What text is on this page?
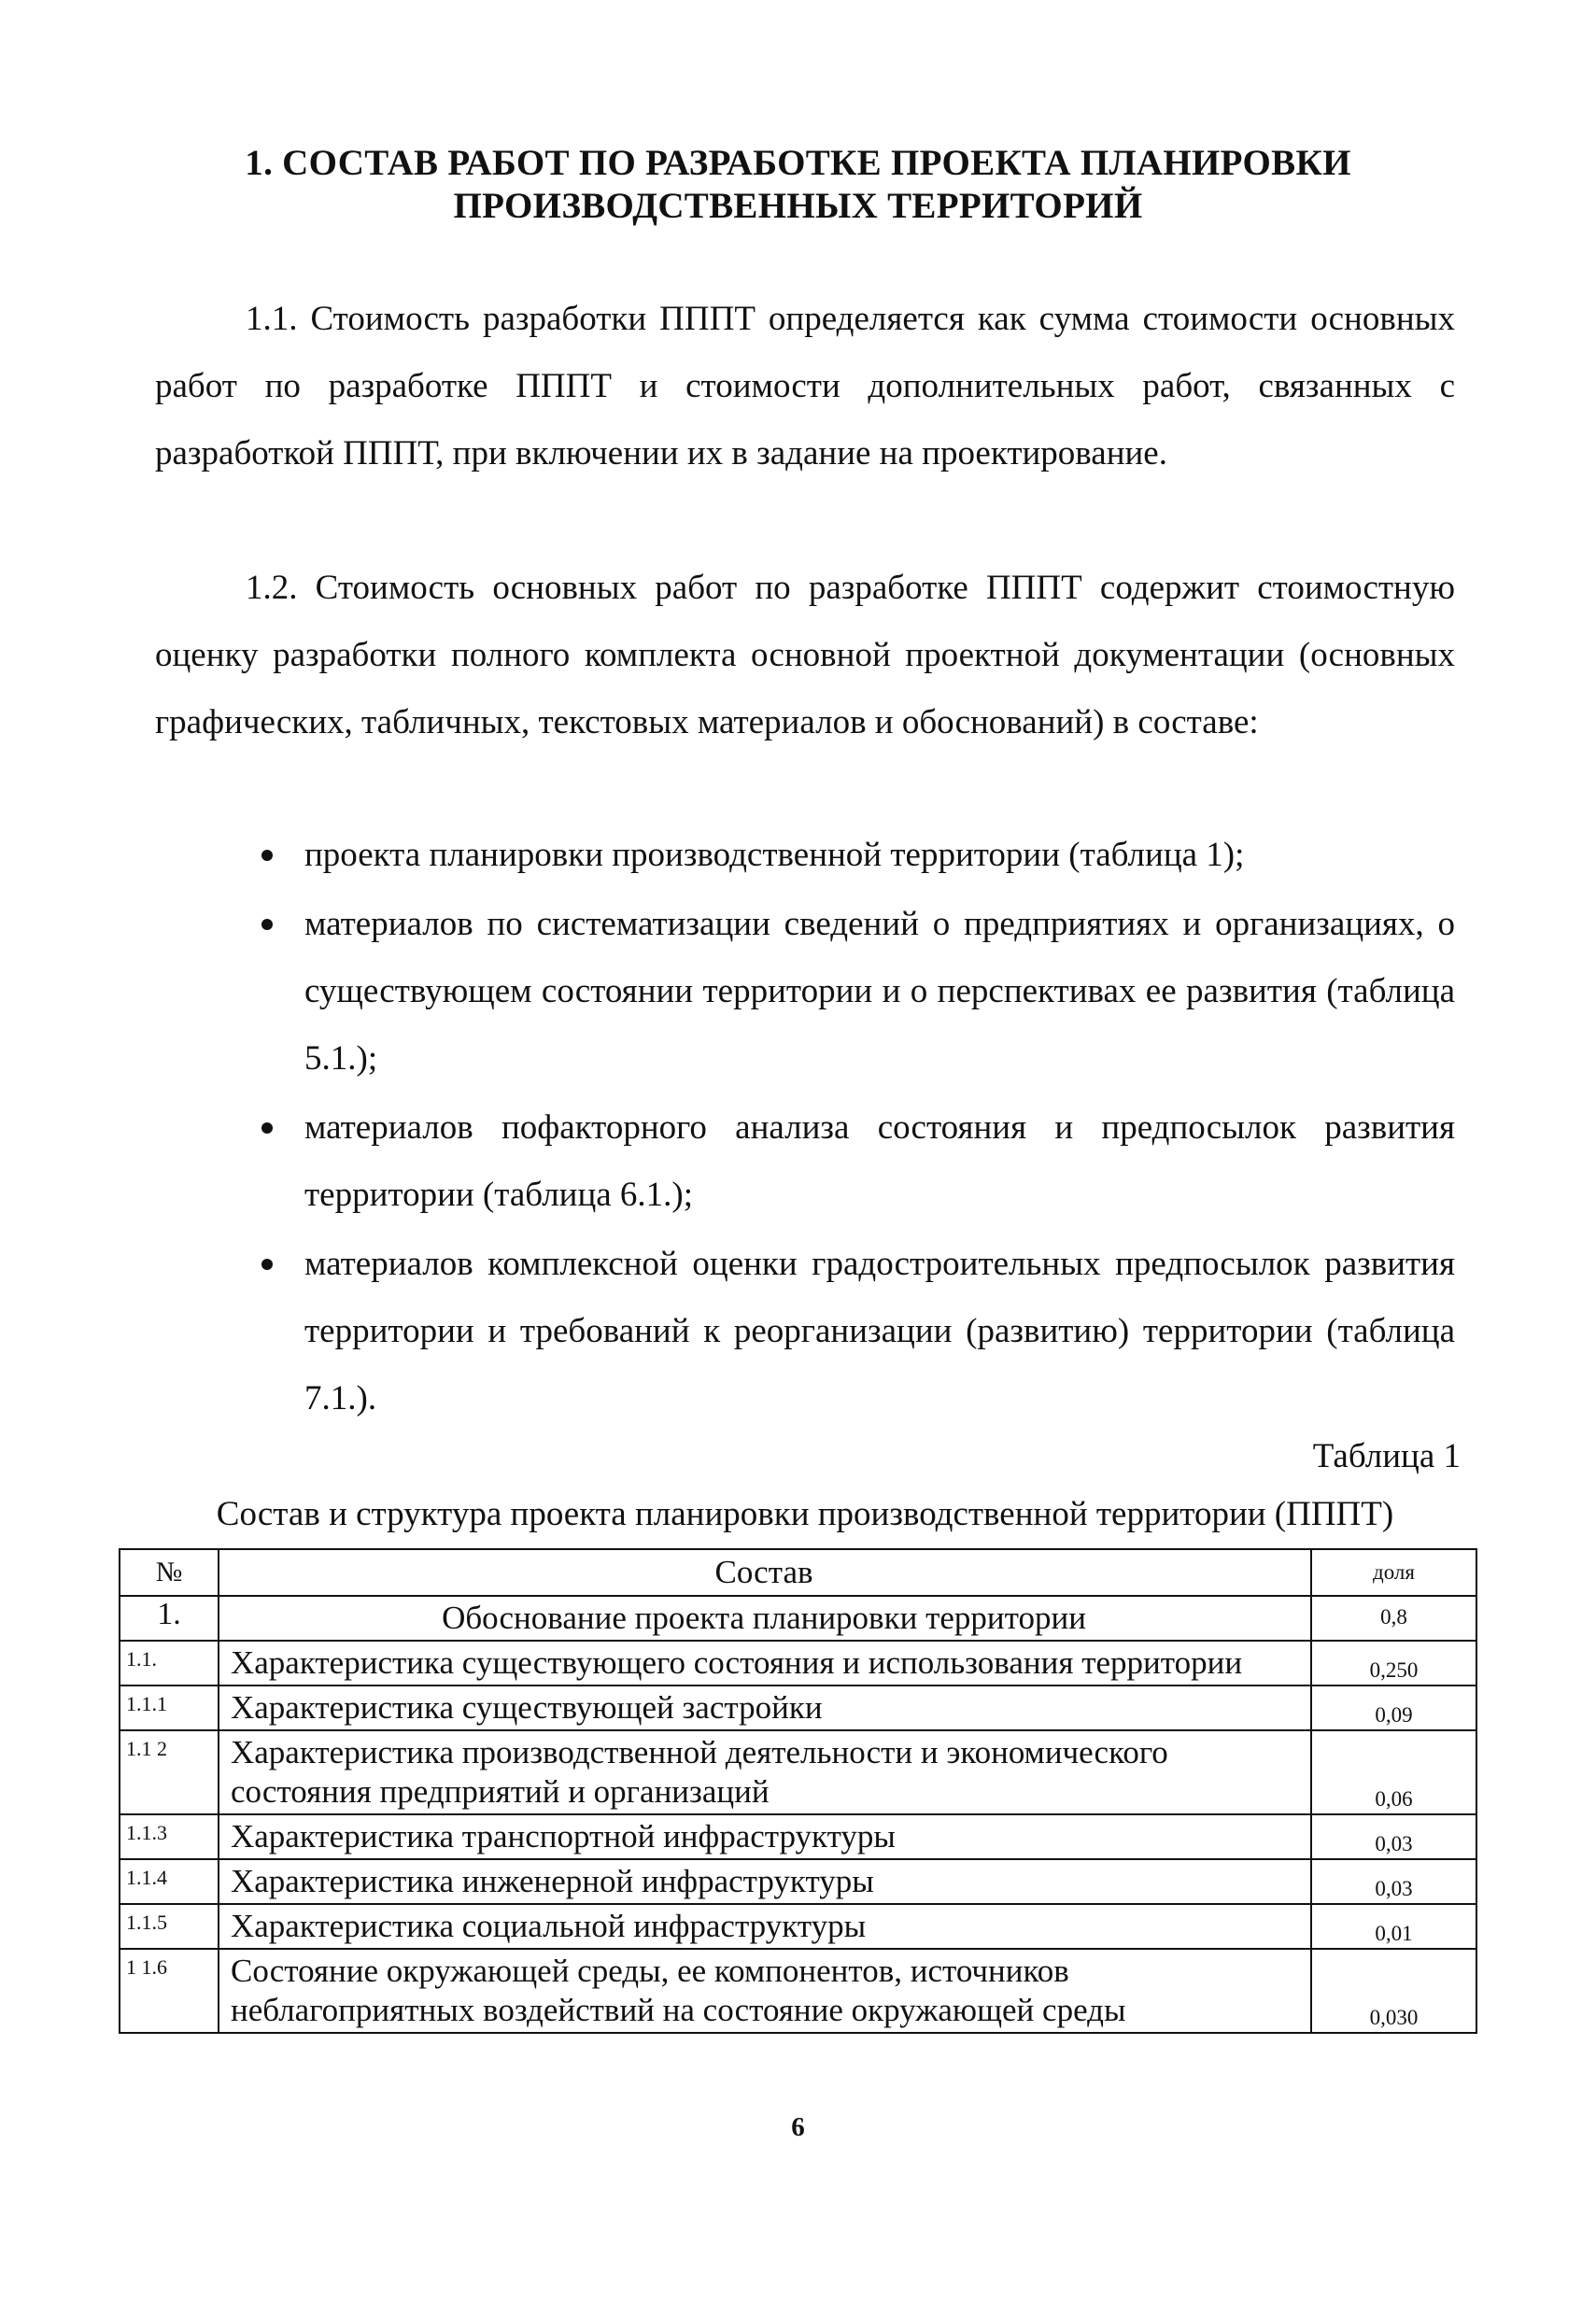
1. СОСТАВ РАБОТ ПО РАЗРАБОТКЕ ПРОЕКТА ПЛАНИРОВКИ
ПРОИЗВОДСТВЕННЫХ ТЕРРИТОРИЙ
1.1. Стоимость разработки ПППТ определяется как сумма стоимости основных работ по разработке ПППТ и стоимости дополнительных работ, связанных с разработкой ПППТ, при включении их в задание на проектирование.
1.2. Стоимость основных работ по разработке ПППТ содержит стоимостную оценку разработки полного комплекта основной проектной документации (основных графических, табличных, текстовых материалов и обоснований) в составе:
проекта планировки производственной территории (таблица 1);
материалов по систематизации сведений о предприятиях и организациях, о существующем состоянии территории и о перспективах ее развития (таблица 5.1.);
материалов пофакторного анализа состояния и предпосылок развития территории (таблица 6.1.);
материалов комплексной оценки градостроительных предпосылок развития территории и требований к реорганизации (развитию) территории (таблица 7.1.).
Таблица 1
Состав и структура проекта планировки производственной территории (ПППТ)
№	Состав	доля
1.	Обоснование проекта планировки территории	0,8
1.1.	Характеристика существующего состояния и использования территории	0,250
1.1.1	Характеристика существующей застройки	0,09
1.1 2	Характеристика производственной деятельности и экономического состояния предприятий и организаций	0,06
1.1.3	Характеристика транспортной инфраструктуры	0,03
1.1.4	Характеристика инженерной инфраструктуры	0,03
1.1.5	Характеристика социальной инфраструктуры	0,01
1 1.6	Состояние окружающей среды, ее компонентов, источников неблагоприятных воздействий на состояние окружающей среды	0,030
6
